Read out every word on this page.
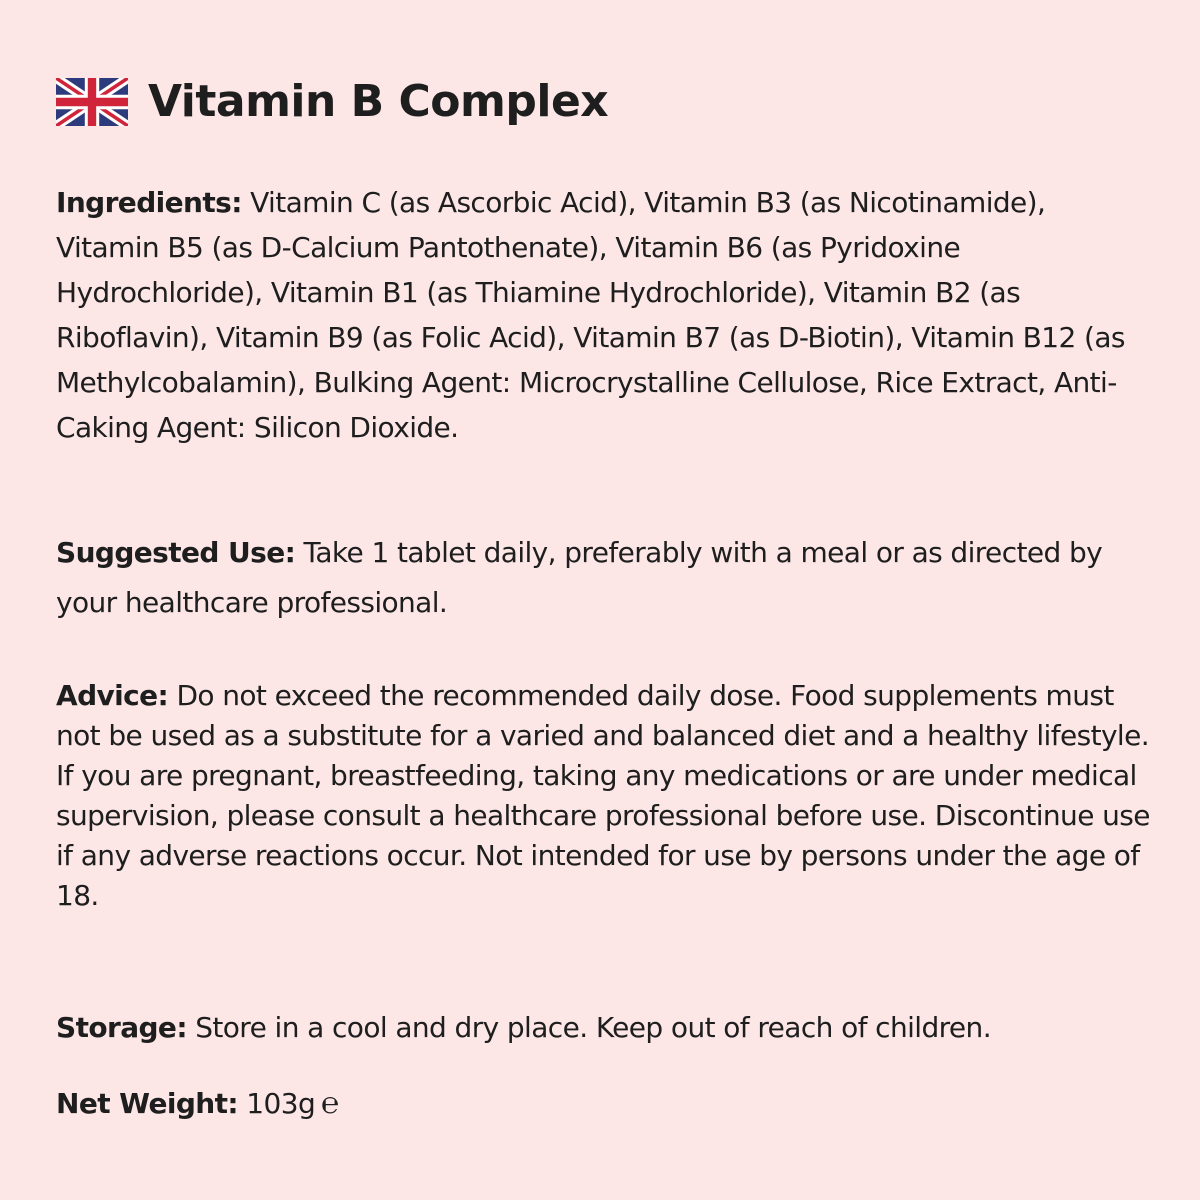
Vitamin B Complex

Ingredients: Vitamin C (as Ascorbic Acid), Vitamin B3 (as Nicotinamide), Vitamin B5 (as D-Calcium Pantothenate), Vitamin B6 (as Pyridoxine Hydrochloride), Vitamin B1 (as Thiamine Hydrochloride), Vitamin B2 (as Riboflavin), Vitamin B9 (as Folic Acid), Vitamin B7 (as D-Biotin), Vitamin B12 (as Methylcobalamin), Bulking Agent: Microcrystalline Cellulose, Rice Extract, Anti-Caking Agent: Silicon Dioxide.

Suggested Use: Take 1 tablet daily, preferably with a meal or as directed by your healthcare professional.

Advice: Do not exceed the recommended daily dose. Food supplements must not be used as a substitute for a varied and balanced diet and a healthy lifestyle. If you are pregnant, breastfeeding, taking any medications or are under medical supervision, please consult a healthcare professional before use. Discontinue use if any adverse reactions occur. Not intended for use by persons under the age of 18.

Storage: Store in a cool and dry place. Keep out of reach of children.

Net Weight: 103g ℮
